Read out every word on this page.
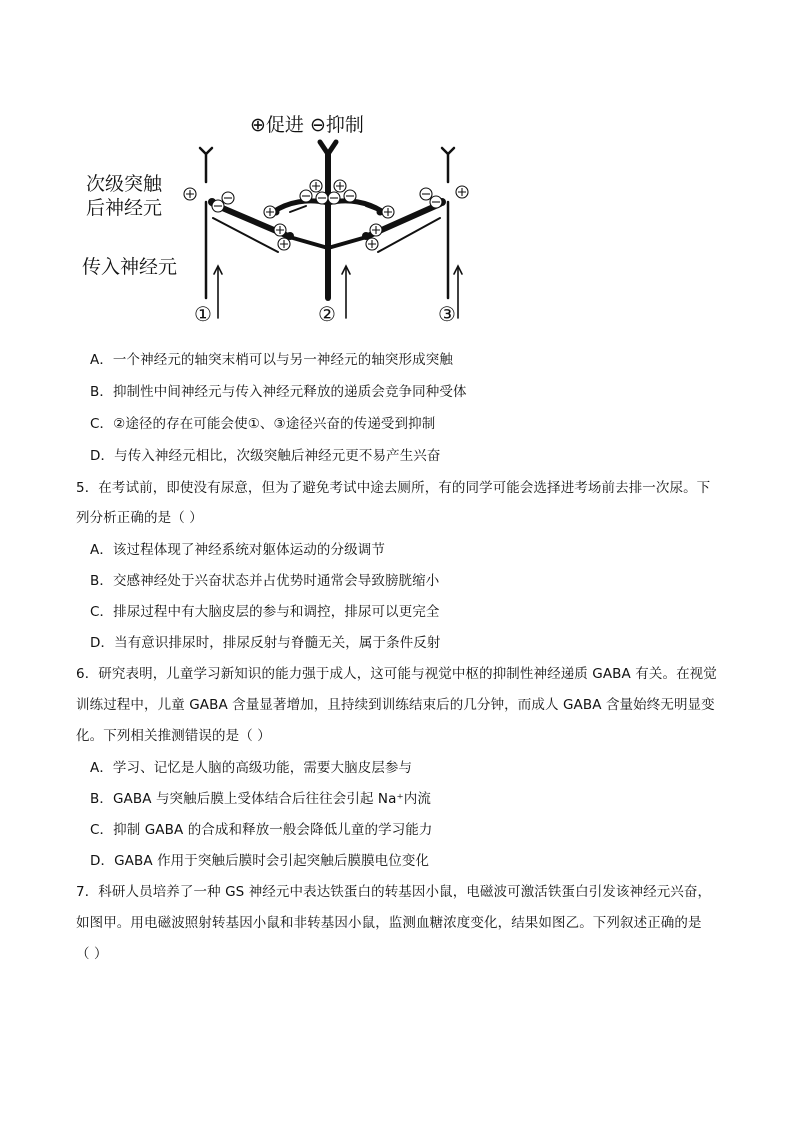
⊕促进 ⊖抑制
次级突触
后神经元
传入神经元
①	②	③
A．一个神经元的轴突末梢可以与另一神经元的轴突形成突触
B．抑制性中间神经元与传入神经元释放的递质会竞争同种受体
C．②途径的存在可能会使①、③途径兴奋的传递受到抑制
D．与传入神经元相比，次级突触后神经元更不易产生兴奋
5．在考试前，即使没有尿意，但为了避免考试中途去厕所，有的同学可能会选择进考场前去排一次尿。下
列分析正确的是（ ）
A．该过程体现了神经系统对躯体运动的分级调节
B．交感神经处于兴奋状态并占优势时通常会导致膀胱缩小
C．排尿过程中有大脑皮层的参与和调控，排尿可以更完全
D．当有意识排尿时，排尿反射与脊髓无关，属于条件反射
6．研究表明，儿童学习新知识的能力强于成人，这可能与视觉中枢的抑制性神经递质 GABA 有关。在视觉
训练过程中，儿童 GABA 含量显著增加，且持续到训练结束后的几分钟，而成人 GABA 含量始终无明显变
化。下列相关推测错误的是（ ）
A．学习、记忆是人脑的高级功能，需要大脑皮层参与
B．GABA 与突触后膜上受体结合后往往会引起 Na⁺内流
C．抑制 GABA 的合成和释放一般会降低儿童的学习能力
D．GABA 作用于突触后膜时会引起突触后膜膜电位变化
7．科研人员培养了一种 GS 神经元中表达铁蛋白的转基因小鼠，电磁波可激活铁蛋白引发该神经元兴奋，
如图甲。用电磁波照射转基因小鼠和非转基因小鼠，监测血糖浓度变化，结果如图乙。下列叙述正确的是
（ ）
